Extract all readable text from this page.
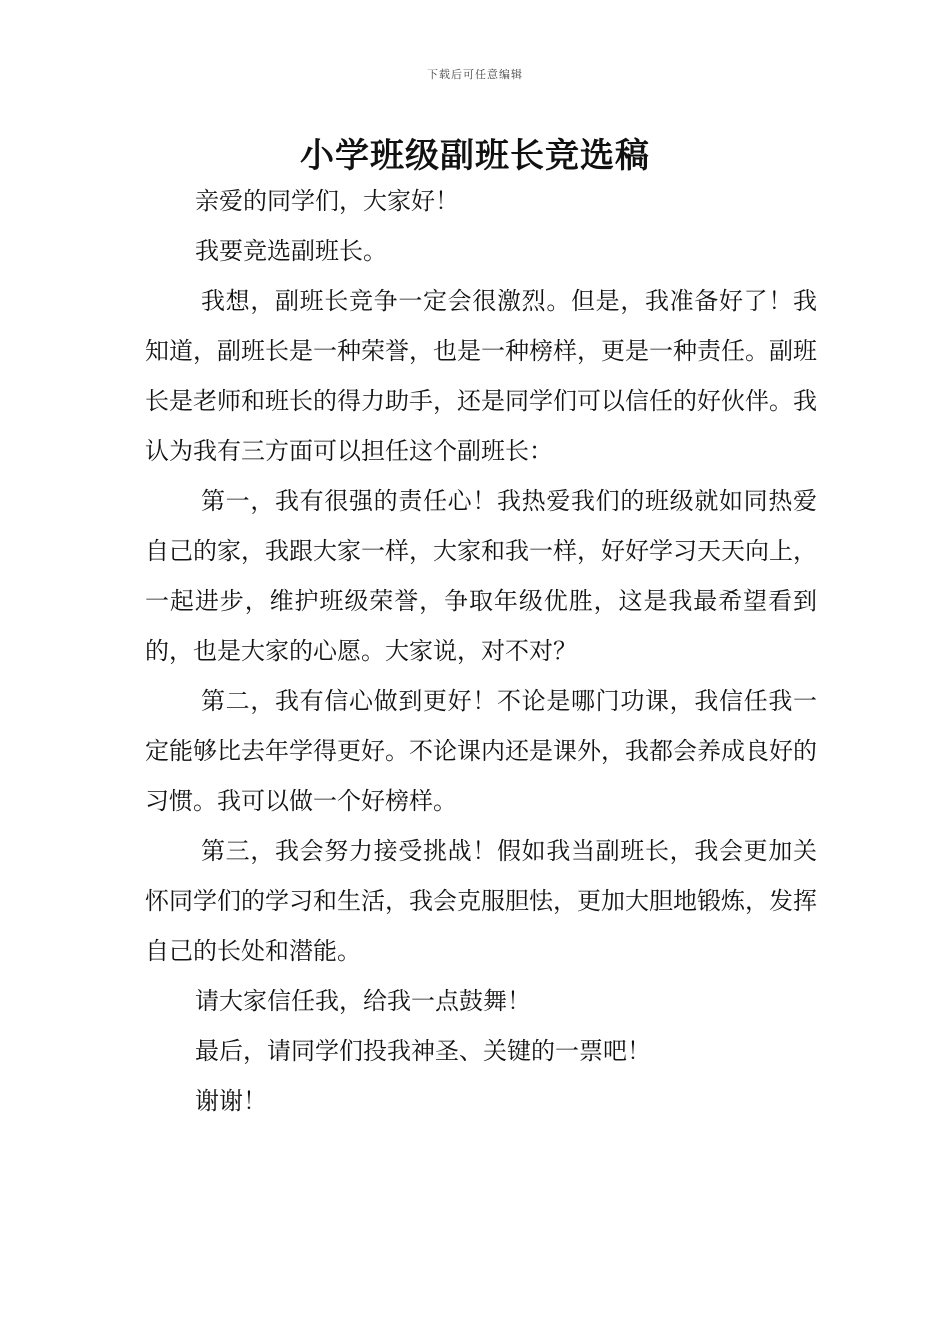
下载后可任意编辑
小学班级副班长竞选稿

亲爱的同学们，大家好！

我要竞选副班长。

我想，副班长竞争一定会很激烈。但是，我准备好了！我知道，副班长是一种荣誉，也是一种榜样，更是一种责任。副班长是老师和班长的得力助手，还是同学们可以信任的好伙伴。我认为我有三方面可以担任这个副班长：

第一，我有很强的责任心！我热爱我们的班级就如同热爱自己的家，我跟大家一样，大家和我一样，好好学习天天向上，一起进步，维护班级荣誉，争取年级优胜，这是我最希望看到的，也是大家的心愿。大家说，对不对？

第二，我有信心做到更好！不论是哪门功课，我信任我一定能够比去年学得更好。不论课内还是课外，我都会养成良好的习惯。我可以做一个好榜样。

第三，我会努力接受挑战！假如我当副班长，我会更加关怀同学们的学习和生活，我会克服胆怯，更加大胆地锻炼，发挥自己的长处和潜能。

请大家信任我，给我一点鼓舞！

最后，请同学们投我神圣、关键的一票吧！

谢谢！
